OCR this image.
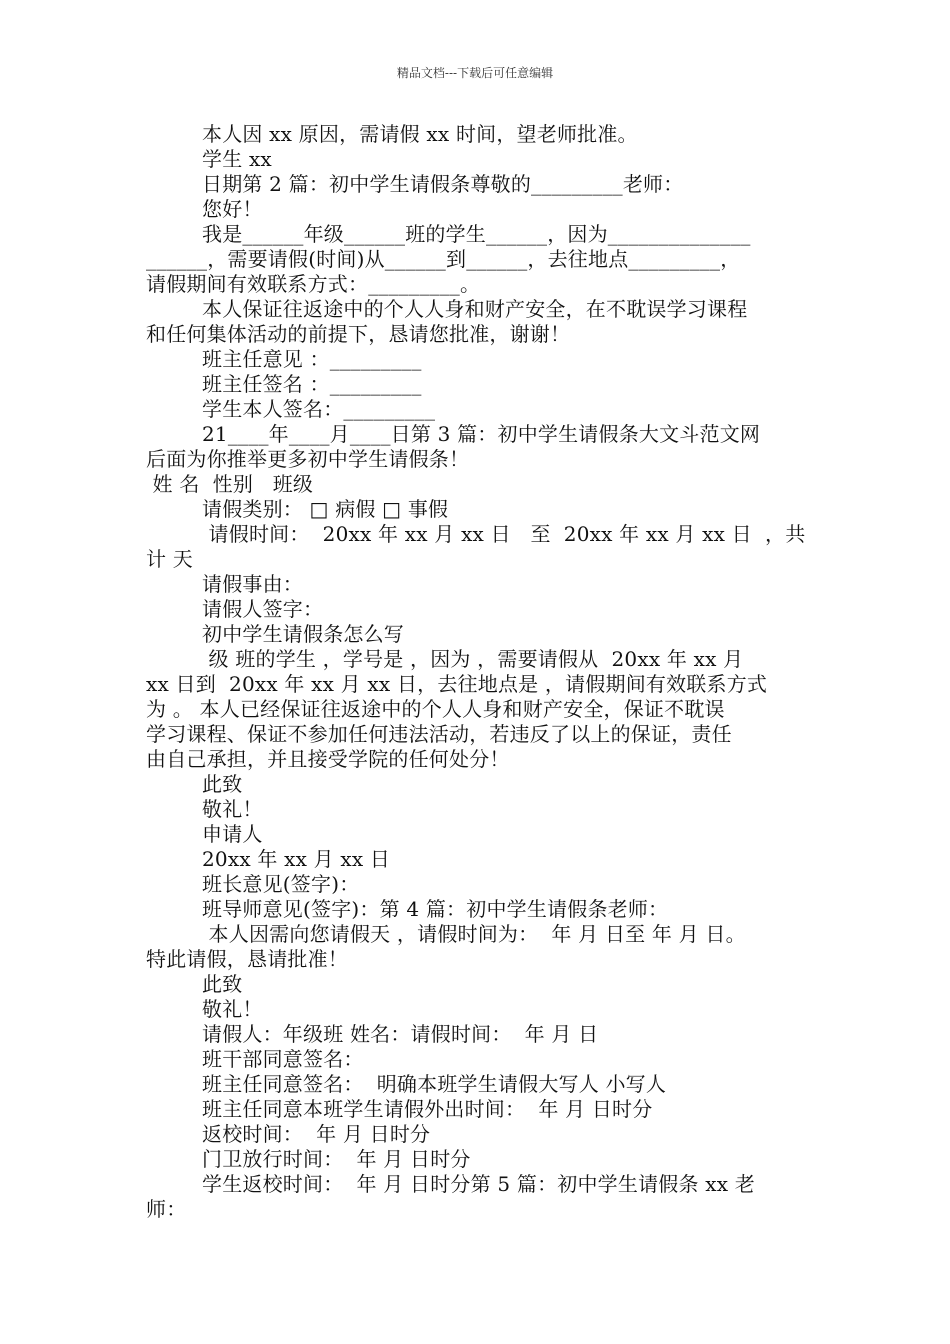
精品文档---下载后可任意编辑
本人因 xx 原因，需请假 xx 时间，望老师批准。
学生 xx
日期第 2 篇：初中学生请假条尊敬的_________老师：
您好！
我是______年级______班的学生______，因为______________
______，需要请假(时间)从______到______，去往地点_________，
请假期间有效联系方式：_________。
本人保证往返途中的个人人身和财产安全，在不耽误学习课程
和任何集体活动的前提下，恳请您批准，谢谢！
班主任意见 ：_________
班主任签名 ：_________
学生本人签名：_________
21____年____月____日第 3 篇：初中学生请假条大文斗范文网
后面为你推举更多初中学生请假条！
姓 名  性别   班级
请假类别： □ 病假 □ 事假
请假时间：  20xx 年 xx 月 xx 日   至  20xx 年 xx 月 xx 日  ，共
计 天
请假事由：
请假人签字：
初中学生请假条怎么写
级 班的学生 ，学号是 ，因为 ，需要请假从  20xx 年 xx 月
xx 日到  20xx 年 xx 月 xx 日，去往地点是 ，请假期间有效联系方式
为 。 本人已经保证往返途中的个人人身和财产安全，保证不耽误
学习课程、保证不参加任何违法活动，若违反了以上的保证，责任
由自己承担，并且接受学院的任何处分！
此致
敬礼！
申请人
20xx 年 xx 月 xx 日
班长意见(签字)：
班导师意见(签字)：第 4 篇：初中学生请假条老师：
本人因需向您请假天 ，请假时间为：  年 月 日至 年 月 日。
特此请假，恳请批准！
此致
敬礼！
请假人：年级班 姓名：请假时间：  年 月 日
班干部同意签名：
班主任同意签名：  明确本班学生请假大写人 小写人
班主任同意本班学生请假外出时间：  年 月 日时分
返校时间：  年 月 日时分
门卫放行时间：  年 月 日时分
学生返校时间：  年 月 日时分第 5 篇：初中学生请假条 xx 老
师：
